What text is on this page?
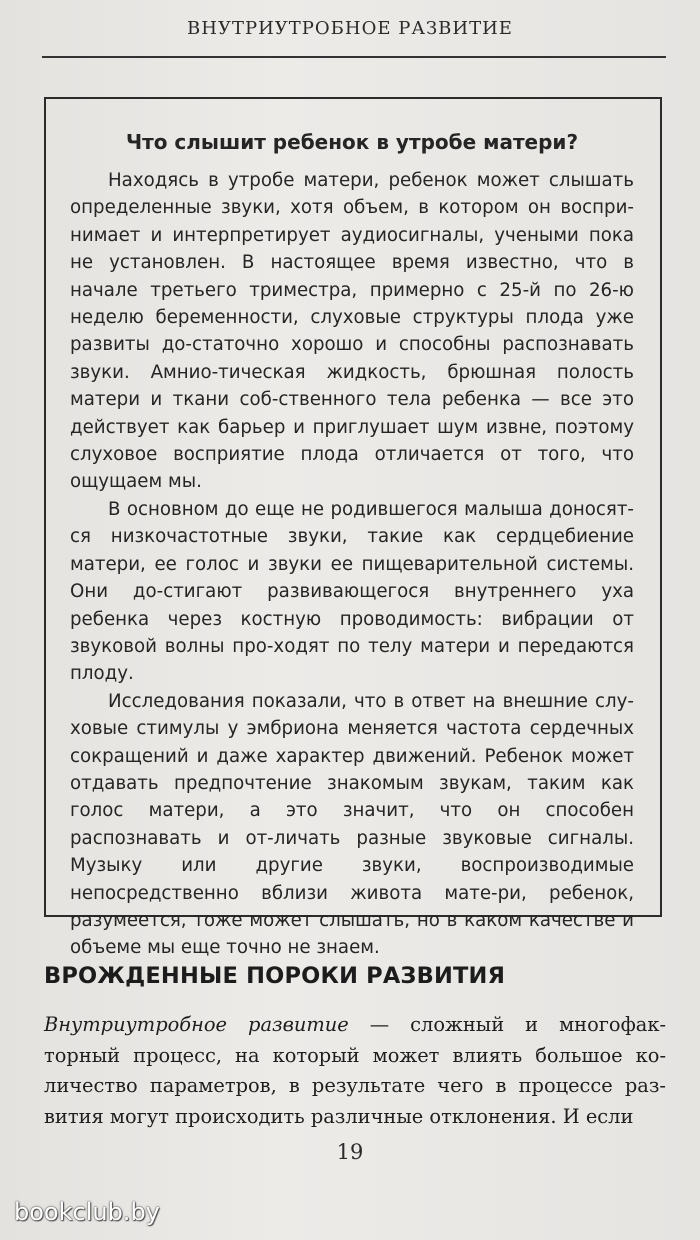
ВНУТРИУТРОБНОЕ РАЗВИТИЕ
Что слышит ребенок в утробе матери?

Находясь в утробе матери, ребенок может слышать определенные звуки, хотя объем, в котором он воспри-нимает и интерпретирует аудиосигналы, учеными пока не установлен. В настоящее время известно, что в начале третьего триместра, примерно с 25-й по 26-ю неделю беременности, слуховые структуры плода уже развиты до-статочно хорошо и способны распознавать звуки. Амнио-тическая жидкость, брюшная полость матери и ткани соб-ственного тела ребенка — все это действует как барьер и приглушает шум извне, поэтому слуховое восприятие плода отличается от того, что ощущаем мы.

В основном до еще не родившегося малыша доносят-ся низкочастотные звуки, такие как сердцебиение матери, ее голос и звуки ее пищеварительной системы. Они до-стигают развивающегося внутреннего уха ребенка через костную проводимость: вибрации от звуковой волны про-ходят по телу матери и передаются плоду.

Исследования показали, что в ответ на внешние слу-ховые стимулы у эмбриона меняется частота сердечных сокращений и даже характер движений. Ребенок может отдавать предпочтение знакомым звукам, таким как голос матери, а это значит, что он способен распознавать и от-личать разные звуковые сигналы. Музыку или другие звуки, воспроизводимые непосредственно вблизи живота мате-ри, ребенок, разумеется, тоже может слышать, но в каком качестве и объеме мы еще точно не знаем.

ВРОЖДЕННЫЕ ПОРОКИ РАЗВИТИЯ

Внутриутробное развитие — сложный и многофак-торный процесс, на который может влиять большое ко-личество параметров, в результате чего в процессе раз-вития могут происходить различные отклонения. И если

19
bookclub.by
